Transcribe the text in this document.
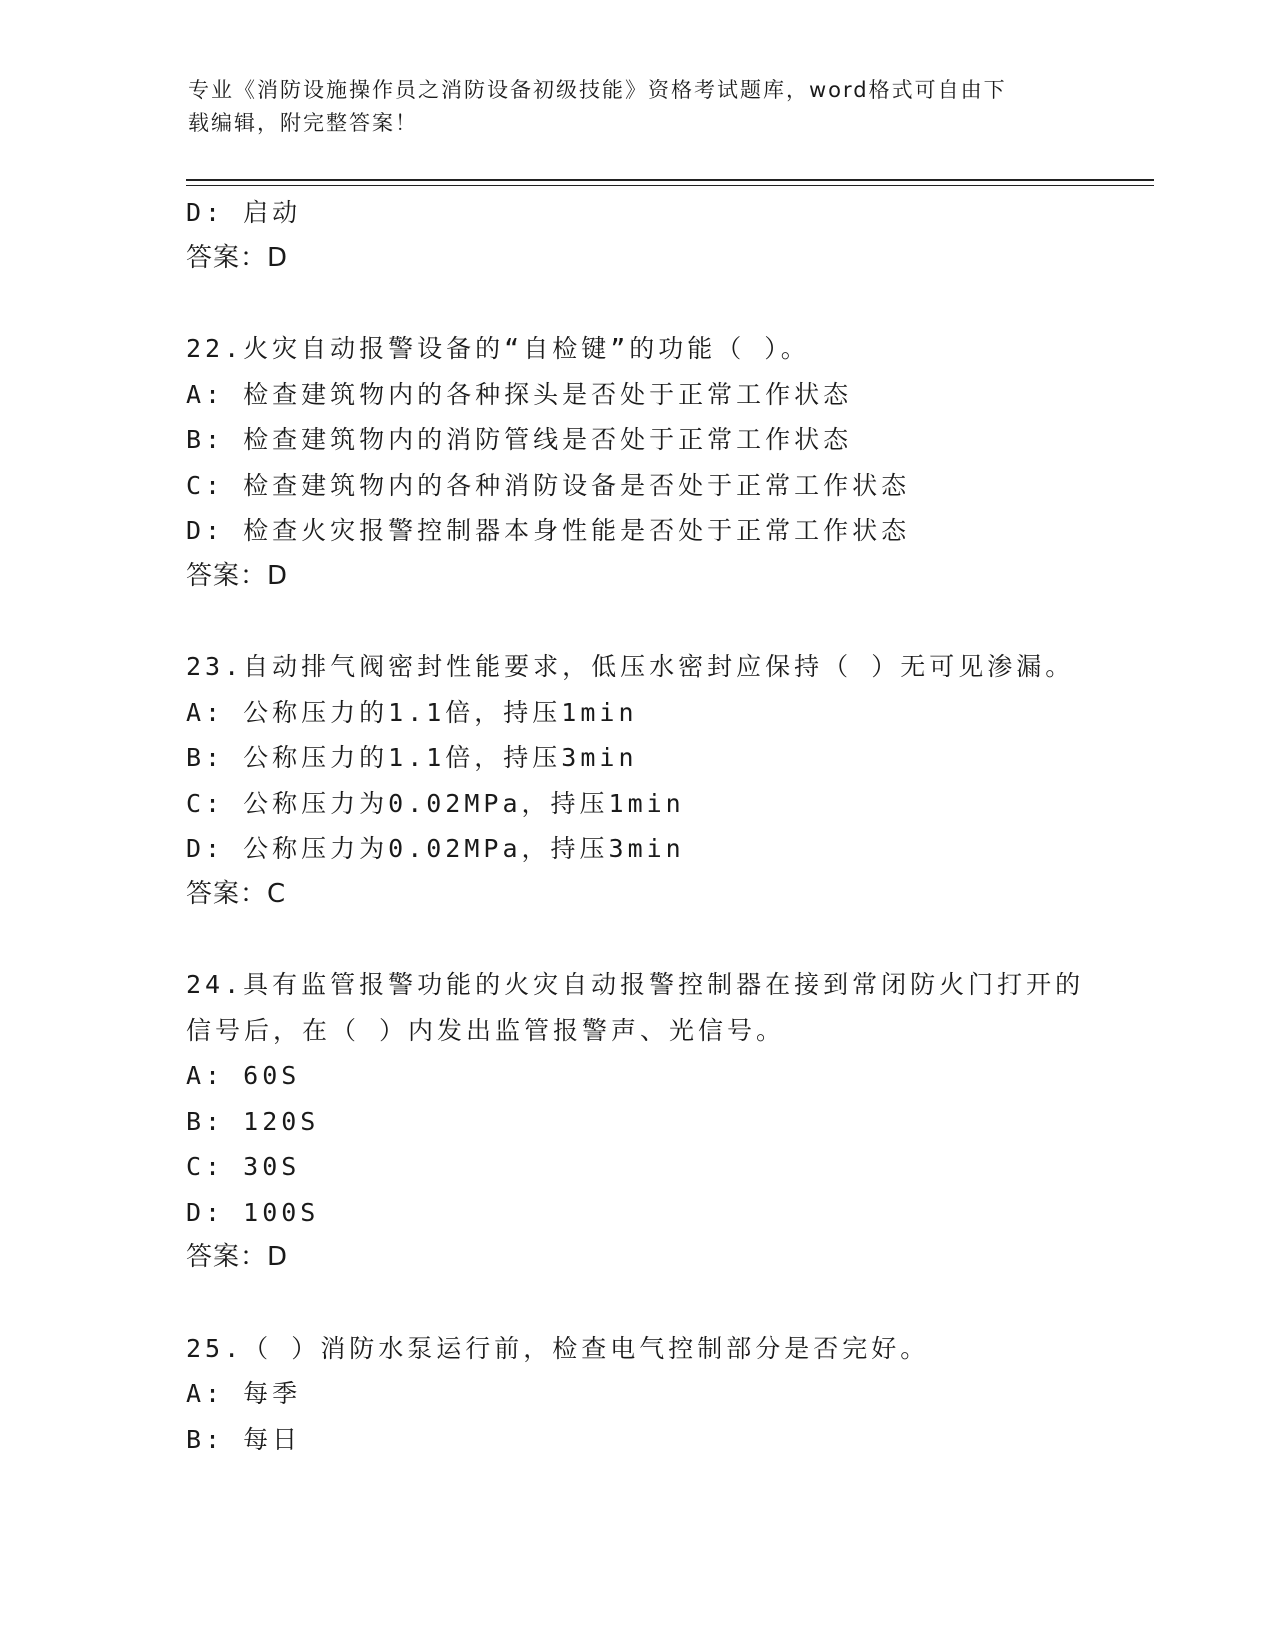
专业《消防设施操作员之消防设备初级技能》资格考试题库，word格式可自由下
载编辑，附完整答案！
D: 启动
答案：D
22.火灾自动报警设备的“自检键”的功能（ ）。
A: 检查建筑物内的各种探头是否处于正常工作状态
B: 检查建筑物内的消防管线是否处于正常工作状态
C: 检查建筑物内的各种消防设备是否处于正常工作状态
D: 检查火灾报警控制器本身性能是否处于正常工作状态
答案：D
23.自动排气阀密封性能要求，低压水密封应保持（ ）无可见渗漏。
A: 公称压力的1.1倍，持压1min
B: 公称压力的1.1倍，持压3min
C: 公称压力为0.02MPa，持压1min
D: 公称压力为0.02MPa，持压3min
答案：C
24.具有监管报警功能的火灾自动报警控制器在接到常闭防火门打开的
信号后，在（ ）内发出监管报警声、光信号。
A: 60S
B: 120S
C: 30S
D: 100S
答案：D
25.（ ）消防水泵运行前，检查电气控制部分是否完好。
A: 每季
B: 每日
